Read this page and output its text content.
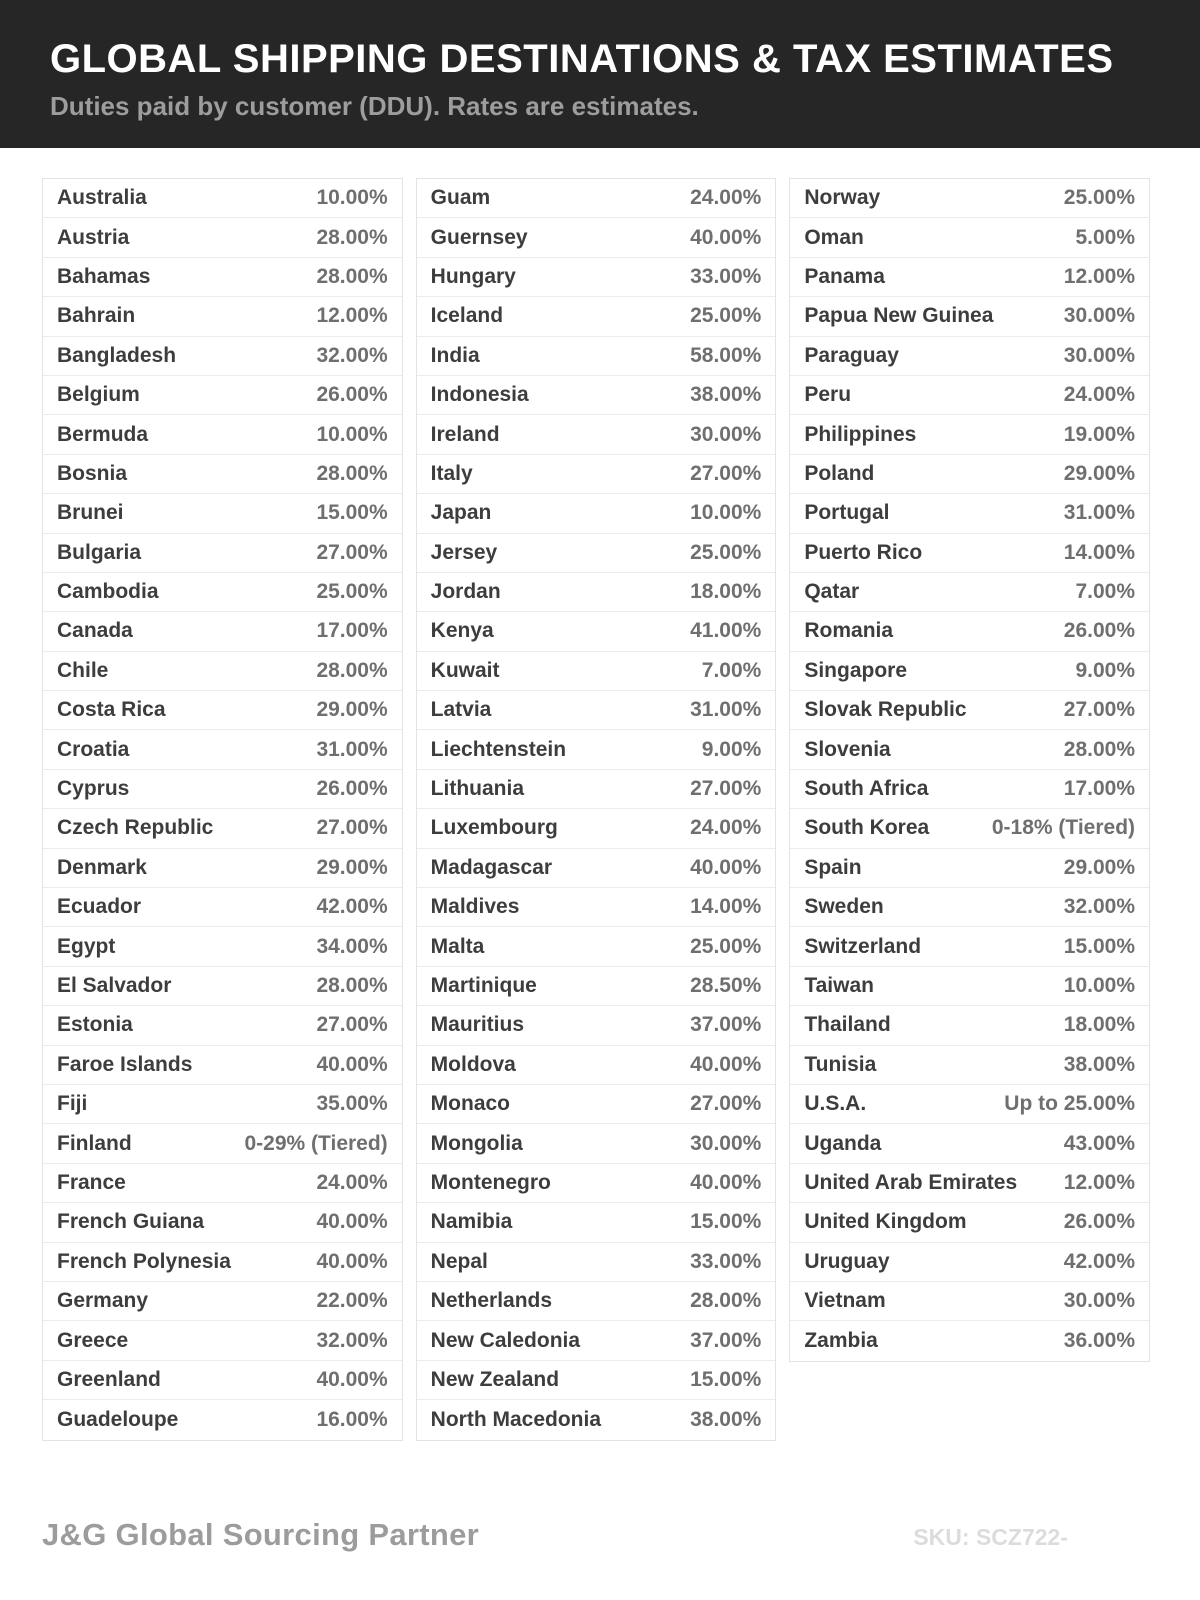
GLOBAL SHIPPING DESTINATIONS & TAX ESTIMATES

Duties paid by customer (DDU). Rates are estimates.

Australia	10.00%
Austria	28.00%
Bahamas	28.00%
Bahrain	12.00%
Bangladesh	32.00%
Belgium	26.00%
Bermuda	10.00%
Bosnia	28.00%
Brunei	15.00%
Bulgaria	27.00%
Cambodia	25.00%
Canada	17.00%
Chile	28.00%
Costa Rica	29.00%
Croatia	31.00%
Cyprus	26.00%
Czech Republic	27.00%
Denmark	29.00%
Ecuador	42.00%
Egypt	34.00%
El Salvador	28.00%
Estonia	27.00%
Faroe Islands	40.00%
Fiji	35.00%
Finland	0-29% (Tiered)
France	24.00%
French Guiana	40.00%
French Polynesia	40.00%
Germany	22.00%
Greece	32.00%
Greenland	40.00%
Guadeloupe	16.00%
Guam	24.00%
Guernsey	40.00%
Hungary	33.00%
Iceland	25.00%
India	58.00%
Indonesia	38.00%
Ireland	30.00%
Italy	27.00%
Japan	10.00%
Jersey	25.00%
Jordan	18.00%
Kenya	41.00%
Kuwait	7.00%
Latvia	31.00%
Liechtenstein	9.00%
Lithuania	27.00%
Luxembourg	24.00%
Madagascar	40.00%
Maldives	14.00%
Malta	25.00%
Martinique	28.50%
Mauritius	37.00%
Moldova	40.00%
Monaco	27.00%
Mongolia	30.00%
Montenegro	40.00%
Namibia	15.00%
Nepal	33.00%
Netherlands	28.00%
New Caledonia	37.00%
New Zealand	15.00%
North Macedonia	38.00%
Norway	25.00%
Oman	5.00%
Panama	12.00%
Papua New Guinea	30.00%
Paraguay	30.00%
Peru	24.00%
Philippines	19.00%
Poland	29.00%
Portugal	31.00%
Puerto Rico	14.00%
Qatar	7.00%
Romania	26.00%
Singapore	9.00%
Slovak Republic	27.00%
Slovenia	28.00%
South Africa	17.00%
South Korea	0-18% (Tiered)
Spain	29.00%
Sweden	32.00%
Switzerland	15.00%
Taiwan	10.00%
Thailand	18.00%
Tunisia	38.00%
U.S.A.	Up to 25.00%
Uganda	43.00%
United Arab Emirates 12.00%
United Kingdom	26.00%
Uruguay	42.00%
Vietnam	30.00%
Zambia	36.00%
J&G Global Sourcing Partner	SKU: SCZ722-
